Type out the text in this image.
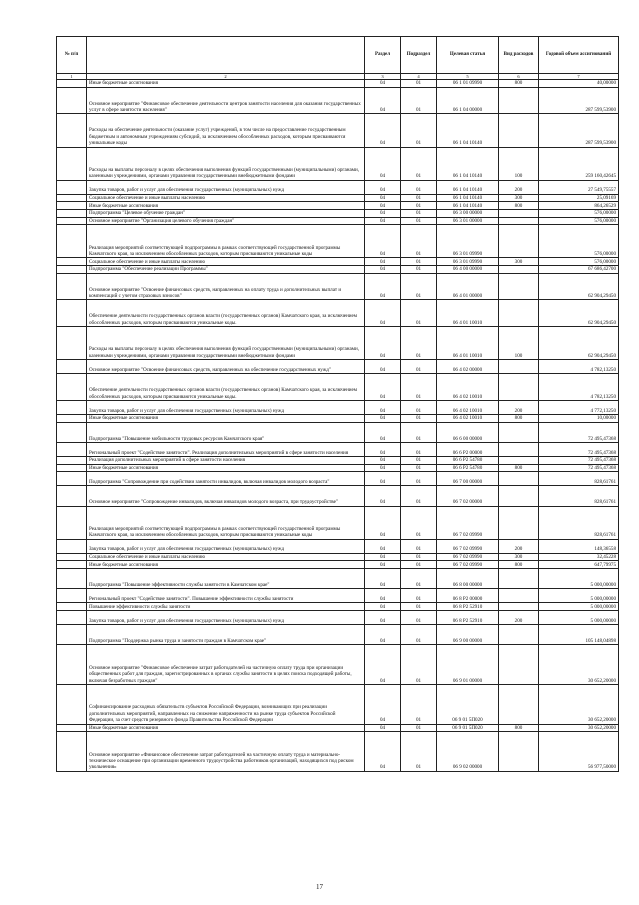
№ п/п		Раздел	Подраздел	Целевая статья	Вид расходов	Годовой объем ассигнований
1	2	3	4	5	6	7
	Иные бюджетные ассигнования	04	01	06 1 01 09990	800	40,00000
	Основное мероприятие "Финансовое обеспечение деятельности центров занятости населения для оказания государственных услуг в сфере занятости населения"	04	01	06 1 04 00000		287 599,53900
	Расходы на обеспечение деятельности (оказание услуг) учреждений, в том числе на предоставление государственным бюджетным и автономным учреждениям субсидий, за исключением обособленных расходов, которым присваиваются уникальные коды	04	01	06 1 04 10140		287 599,53900
	Расходы на выплаты персоналу в целях обеспечения выполнения функций государственными (муниципальными) органами, казенными учреждениями, органами управления государственными внебюджетными фондами	04	01	06 1 04 10140	100	259 160,42645
	Закупка товаров, работ и услуг для обеспечения государственных (муниципальных) нужд	04	01	06 1 04 10140	200	27 549,75557
	Социальное обеспечение и иные выплаты населению	04	01	06 1 04 10140	300	25,09169
	Иные бюджетные ассигнования	04	01	06 1 04 10140	800	864,26529
	Подпрограмма "Целевое обучение граждан"	04	01	06 3 00 00000		576,00000
	Основное мероприятие "Организация целевого обучения граждан"	04	01	06 3 01 00000		576,00000
	Реализация мероприятий соответствующей подпрограммы в рамках соответствующей государственной программы Камчатского края, за исключением обособленных расходов, которым присваиваются уникальные коды	04	01	06 3 01 09990		576,00000
	Социальное обеспечение и иные выплаты населению	04	01	06 3 01 09990	300	576,00000
	Подпрограмма "Обеспечение реализации Программы"	04	01	06 4 00 00000		67 686,42700
	Основное мероприятие "Освоение финансовых средств, направленных на оплату труда и дополнительных выплат и компенсаций с учетом страховых взносов"	04	01	06 4 01 00000		62 904,29450
	Обеспечение деятельности государственных органов власти (государственных органов) Камчатского края, за исключением обособленных расходов, которым присваиваются уникальные коды.	04	01	06 4 01 10010		62 904,29450
	Расходы на выплаты персоналу в целях обеспечения выполнения функций государственными (муниципальными) органами, казенными учреждениями, органами управления государственными внебюджетными фондами	04	01	06 4 01 10010	100	62 904,29450
	Основное мероприятие "Освоение финансовых средств, направленных на обеспечение государственных нужд"	04	01	06 4 02 00000		4 782,13250
	Обеспечение деятельности государственных органов власти (государственных органов) Камчатского края, за исключением обособленных расходов, которым присваиваются уникальные коды.	04	01	06 4 02 10010		4 782,13250
	Закупка товаров, работ и услуг для обеспечения государственных (муниципальных) нужд	04	01	06 4 02 10010	200	4 772,13250
	Иные бюджетные ассигнования	04	01	06 4 02 10010	800	10,00000
	Подпрограмма "Повышение мобильности трудовых ресурсов Камчатского края"	04	01	06 6 00 00000		72 495,47368
	Региональный проект "Содействие занятости". Реализация дополнительных мероприятий в сфере занятости населения	04	01	06 6 P2 00000		72 495,47368
	Реализация дополнительных мероприятий в сфере занятости населения	04	01	06 6 P2 54780		72 495,47368
	Иные бюджетные ассигнования	04	01	06 6 P2 54780	800	72 495,47368
	Подпрограмма "Сопровождение при содействии занятости инвалидов, включая инвалидов молодого возраста"	04	01	06 7 00 00000		828,61761
	Основное мероприятие "Сопровождение инвалидов, включая инвалидов молодого возраста, при трудоустройстве"	04	01	06 7 02 00000		828,61761
	Реализация мероприятий соответствующей подпрограммы в рамках соответствующей государственной программы Камчатского края, за исключением обособленных расходов, которым присваиваются уникальные коды	04	01	06 7 02 09990		828,61761
	Закупка товаров, работ и услуг для обеспечения государственных (муниципальных) нужд	04	01	06 7 02 09990	200	148,36558
	Социальное обеспечение и иные выплаты населению	04	01	06 7 02 09990	300	32,45228
	Иные бюджетные ассигнования	04	01	06 7 02 09990	800	647,79975
	Подпрограмма "Повышение эффективности службы занятости в Камчатском крае"	04	01	06 8 00 00000		5 000,00000
	Региональный проект "Содействие занятости". Повышение эффективности службы занятости	04	01	06 8 P2 00000		5 000,00000
	Повышение эффективности службы занятости	04	01	06 8 P2 52910		5 000,00000
	Закупка товаров, работ и услуг для обеспечения государственных (муниципальных) нужд	04	01	06 8 P2 52910	200	5 000,00000
	Подпрограмма "Поддержка рынка труда и занятости граждан в Камчатском крае"	04	01	06 9 00 00000		105 148,04898
	Основное мероприятие "Финансовое обеспечение затрат работодателей на частичную оплату труда при организации общественных работ для граждан, зарегистрированных в органах службы занятости в целях поиска подходящей работы, включая безработных граждан"	04	01	06 9 01 00000		30 652,20000
	Софинансирование расходных обязательств субъектов Российской Федерации, возникающих при реализации дополнительных мероприятий, направленных на снижение напряженности на рынке труда субъектов Российской Федерации, за счет средств резервного фонда Правительства Российской Федерации	04	01	06 9 01 5П020		30 652,20000
	Иные бюджетные ассигнования	04	01	06 9 01 5П020	800	30 652,20000
	Основное мероприятие «Финансовое обеспечение затрат работодателей на частичную оплату труда и материально-техническое оснащение при организации временного трудоустройства работников организаций, находящихся под риском увольнения»	04	01	06 9 02 00000		56 977,50000
17
